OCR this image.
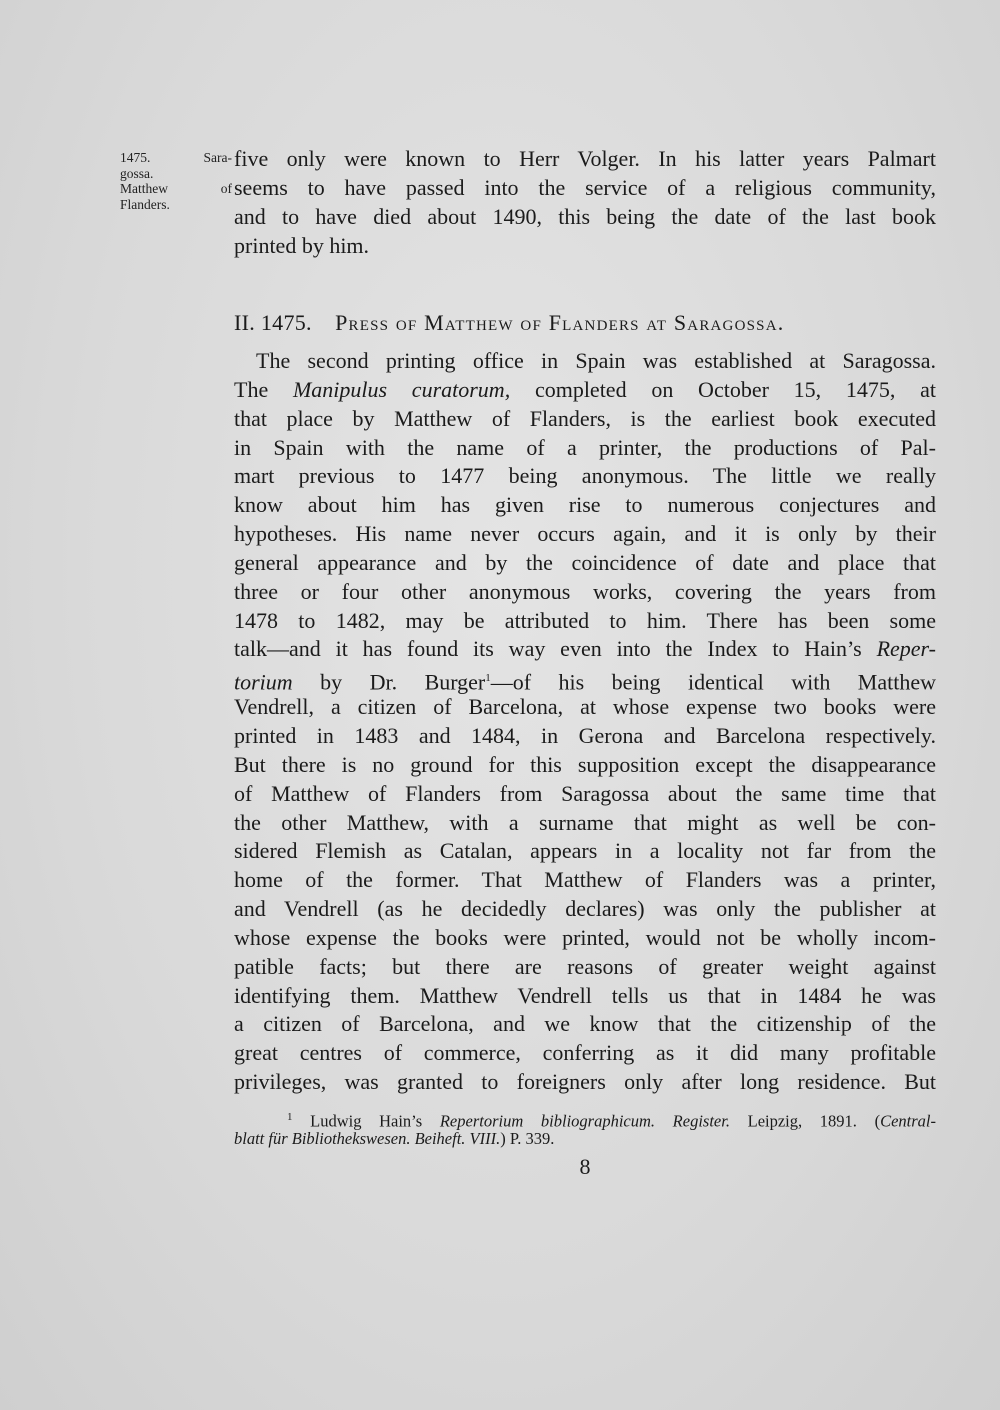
1475. Sara-
gossa.
Matthew of
Flanders.
five only were known to Herr Volger. In his latter years Palmart
seems to have passed into the service of a religious community,
and to have died about 1490, this being the date of the last book
printed by him.
II. 1475. Press of Matthew of Flanders at Saragossa.
The second printing office in Spain was established at Saragossa.
The Manipulus curatorum, completed on October 15, 1475, at
that place by Matthew of Flanders, is the earliest book executed
in Spain with the name of a printer, the productions of Pal-
mart previous to 1477 being anonymous. The little we really
know about him has given rise to numerous conjectures and
hypotheses. His name never occurs again, and it is only by their
general appearance and by the coincidence of date and place that
three or four other anonymous works, covering the years from
1478 to 1482, may be attributed to him. There has been some
talk—and it has found its way even into the Index to Hain’s Reper-
torium by Dr. Burger$^1$—of his being identical with Matthew
Vendrell, a citizen of Barcelona, at whose expense two books were
printed in 1483 and 1484, in Gerona and Barcelona respectively.
But there is no ground for this supposition except the disappearance
of Matthew of Flanders from Saragossa about the same time that
the other Matthew, with a surname that might as well be con-
sidered Flemish as Catalan, appears in a locality not far from the
home of the former. That Matthew of Flanders was a printer,
and Vendrell (as he decidedly declares) was only the publisher at
whose expense the books were printed, would not be wholly incom-
patible facts; but there are reasons of greater weight against
identifying them. Matthew Vendrell tells us that in 1484 he was
a citizen of Barcelona, and we know that the citizenship of the
great centres of commerce, conferring as it did many profitable
privileges, was granted to foreigners only after long residence. But
$^1$ Ludwig Hain’s Repertorium bibliographicum. Register. Leipzig, 1891. (Central-
blatt für Bibliothekswesen. Beiheft. VIII.) P. 339.
8
